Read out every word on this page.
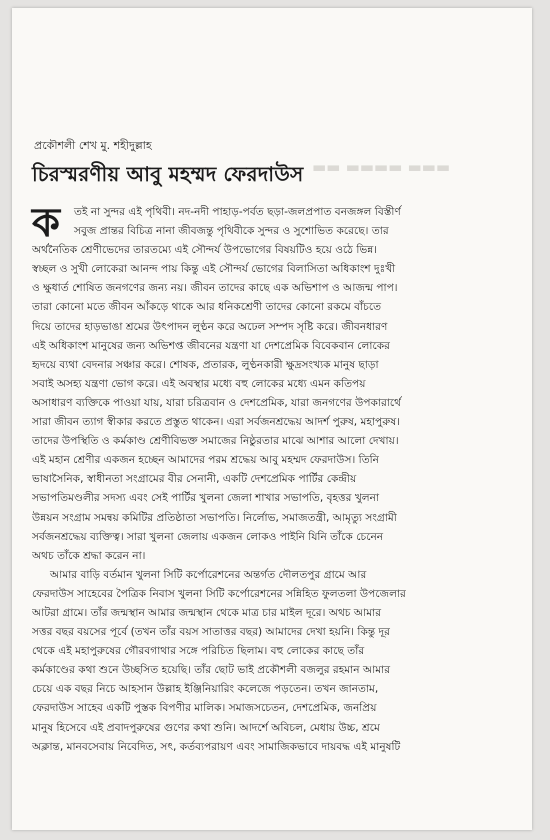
▬▬ ▬▬▬▬ ▬▬▬
প্রকৌশলী শেখ মু. শহীদুল্লাহ
চিরস্মরণীয় আবু মহম্মদ ফেরদাউস
ক	তই না সুন্দর এই পৃথিবী। নদ-নদী পাহাড়-পর্বত ছড়া-জলপ্রপাত বনজঙ্গল বিস্তীর্ণ
সবুজ প্রান্তর বিচিত্র নানা জীবজন্তু পৃথিবীকে সুন্দর ও সুশোভিত করেছে। তার
অর্থনৈতিক শ্রেণীভেদের তারতম্যে এই সৌন্দর্য উপভোগের বিষয়টিও হয়ে ওঠে ভিন্ন।
স্বচ্ছল ও সুখী লোকেরা আনন্দ পায় কিন্তু এই সৌন্দর্য ভোগের বিলাসিতা অধিকাংশ দুঃখী
ও ক্ষুধার্ত শোষিত জনগণের জন্য নয়। জীবন তাদের কাছে এক অভিশাপ ও আজন্ম পাপ।
তারা কোনো মতে জীবন আঁকড়ে থাকে আর ধনিকশ্রেণী তাদের কোনো রকমে বাঁচতে
দিয়ে তাদের হাড়ভাঙা শ্রমের উৎপাদন লুণ্ঠন করে অঢেল সম্পদ সৃষ্টি করে। জীবনধারণ
এই অধিকাংশ মানুষের জন্য অভিশপ্ত জীবনের যন্ত্রণা যা দেশপ্রেমিক বিবেকবান লোকের
হৃদয়ে ব্যথা বেদনার সঞ্চার করে। শোষক, প্রতারক, লুণ্ঠনকারী ক্ষুদ্রসংখ্যক মানুষ ছাড়া
সবাই অসহ্য যন্ত্রণা ভোগ করে। এই অবস্থার মধ্যে বহু লোকের মধ্যে এমন কতিপয়
অসাধারণ ব্যক্তিকে পাওয়া যায়, যারা চরিত্রবান ও দেশপ্রেমিক, যারা জনগণের উপকারার্থে
সারা জীবন ত্যাগ স্বীকার করতে প্রস্তুত থাকেন। এরা সর্বজনশ্রদ্ধেয় আদর্শ পুরুষ, মহাপুরুষ।
তাদের উপস্থিতি ও কর্মকাণ্ড শ্রেণীবিভক্ত সমাজের নিষ্ঠুরতার মাঝে আশার আলো দেখায়।
এই মহান শ্রেণীর একজন হচ্ছেন আমাদের পরম শ্রদ্ধেয় আবু মহম্মদ ফেরদাউস। তিনি
ভাষাসৈনিক, স্বাধীনতা সংগ্রামের বীর সেনানী, একটি দেশপ্রেমিক পার্টির কেন্দ্রীয়
সভাপতিমণ্ডলীর সদস্য এবং সেই পার্টির খুলনা জেলা শাখার সভাপতি, বৃহত্তর খুলনা
উন্নয়ন সংগ্রাম সমন্বয় কমিটির প্রতিষ্ঠাতা সভাপতি। নির্লোভ, সমাজতন্ত্রী, আমৃত্যু সংগ্রামী
সর্বজনশ্রদ্ধেয় ব্যক্তিত্ব। সারা খুলনা জেলায় একজন লোকও পাইনি যিনি তাঁকে চেনেন
অথচ তাঁকে শ্রদ্ধা করেন না।
আমার বাড়ি বর্তমান খুলনা সিটি কর্পোরেশনের অন্তর্গত দৌলতপুর গ্রামে আর
ফেরদাউস সাহেবের পৈত্রিক নিবাস খুলনা সিটি কর্পোরেশনের সন্নিহিত ফুলতলা উপজেলার
আটরা গ্রামে। তাঁর জন্মস্থান আমার জন্মস্থান থেকে মাত্র চার মাইল দূরে। অথচ আমার
সত্তর বছর বয়সের পূর্বে (তখন তাঁর বয়স সাতাত্তর বছর) আমাদের দেখা হয়নি। কিন্তু দূর
থেকে এই মহাপুরুষের গৌরবগাথার সঙ্গে পরিচিত ছিলাম। বহু লোকের কাছে তাঁর
কর্মকাণ্ডের কথা শুনে উচ্ছসিত হয়েছি। তাঁর ছোট ভাই প্রকৌশলী বজলুর রহমান আমার
চেয়ে এক বছর নিচে আহসান উল্লাহ ইঞ্জিনিয়ারিং কলেজে পড়তেন। তখন জানতাম,
ফেরদাউস সাহেব একটি পুস্তক বিপণীর মালিক। সমাজসচেতন, দেশপ্রেমিক, জনপ্রিয়
মানুষ হিসেবে এই প্রবাদপুরুষের গুণের কথা শুনি। আদর্শে অবিচল, মেধায় উচ্চ, শ্রমে
অক্লান্ত, মানবসেবায় নিবেদিত, সৎ, কর্তব্যপরায়ণ এবং সামাজিকভাবে দায়বদ্ধ এই মানুষটি
